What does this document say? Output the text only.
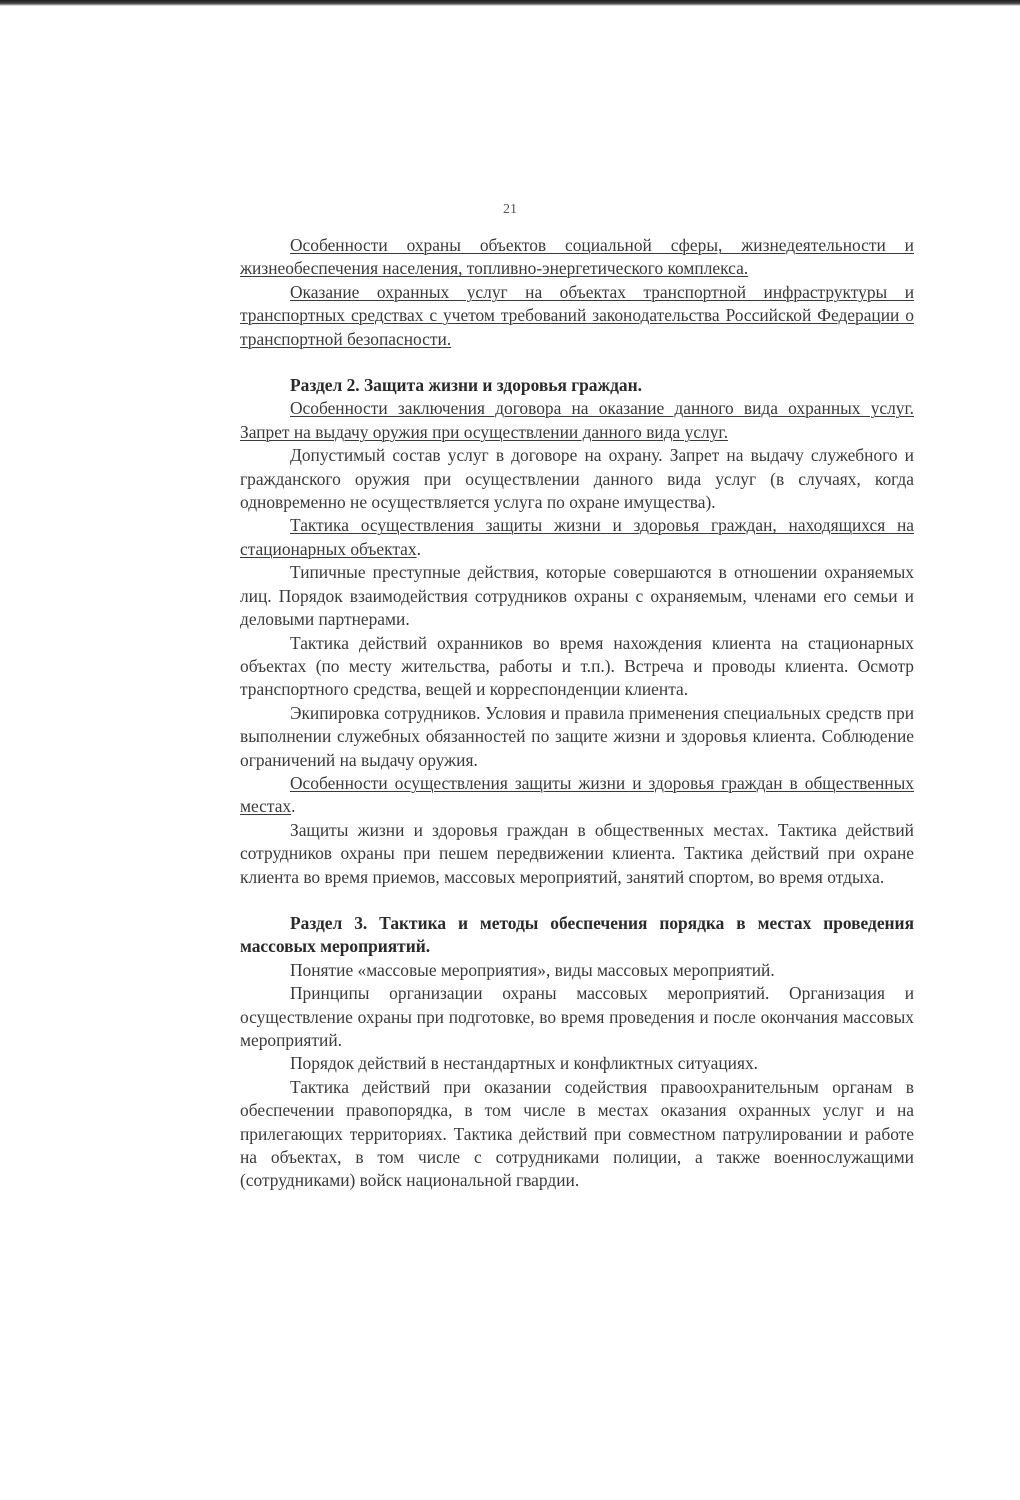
21

Особенности охраны объектов социальной сферы, жизнедеятельности и жизнеобеспечения населения, топливно-энергетического комплекса.

Оказание охранных услуг на объектах транспортной инфраструктуры и транспортных средствах с учетом требований законодательства Российской Федерации о транспортной безопасности.

Раздел 2. Защита жизни и здоровья граждан.

Особенности заключения договора на оказание данного вида охранных услуг. Запрет на выдачу оружия при осуществлении данного вида услуг.

Допустимый состав услуг в договоре на охрану. Запрет на выдачу служебного и гражданского оружия при осуществлении данного вида услуг (в случаях, когда одновременно не осуществляется услуга по охране имущества).

Тактика осуществления защиты жизни и здоровья граждан, находящихся на стационарных объектах.

Типичные преступные действия, которые совершаются в отношении охраняемых лиц. Порядок взаимодействия сотрудников охраны с охраняемым, членами его семьи и деловыми партнерами.

Тактика действий охранников во время нахождения клиента на стационарных объектах (по месту жительства, работы и т.п.). Встреча и проводы клиента. Осмотр транспортного средства, вещей и корреспонденции клиента.

Экипировка сотрудников. Условия и правила применения специальных средств при выполнении служебных обязанностей по защите жизни и здоровья клиента. Соблюдение ограничений на выдачу оружия.

Особенности осуществления защиты жизни и здоровья граждан в общественных местах.

Защиты жизни и здоровья граждан в общественных местах. Тактика действий сотрудников охраны при пешем передвижении клиента. Тактика действий при охране клиента во время приемов, массовых мероприятий, занятий спортом, во время отдыха.

Раздел 3. Тактика и методы обеспечения порядка в местах проведения массовых мероприятий.

Понятие «массовые мероприятия», виды массовых мероприятий.

Принципы организации охраны массовых мероприятий. Организация и осуществление охраны при подготовке, во время проведения и после окончания массовых мероприятий.

Порядок действий в нестандартных и конфликтных ситуациях.

Тактика действий при оказании содействия правоохранительным органам в обеспечении правопорядка, в том числе в местах оказания охранных услуг и на прилегающих территориях. Тактика действий при совместном патрулировании и работе на объектах, в том числе с сотрудниками полиции, а также военнослужащими (сотрудниками) войск национальной гвардии.
